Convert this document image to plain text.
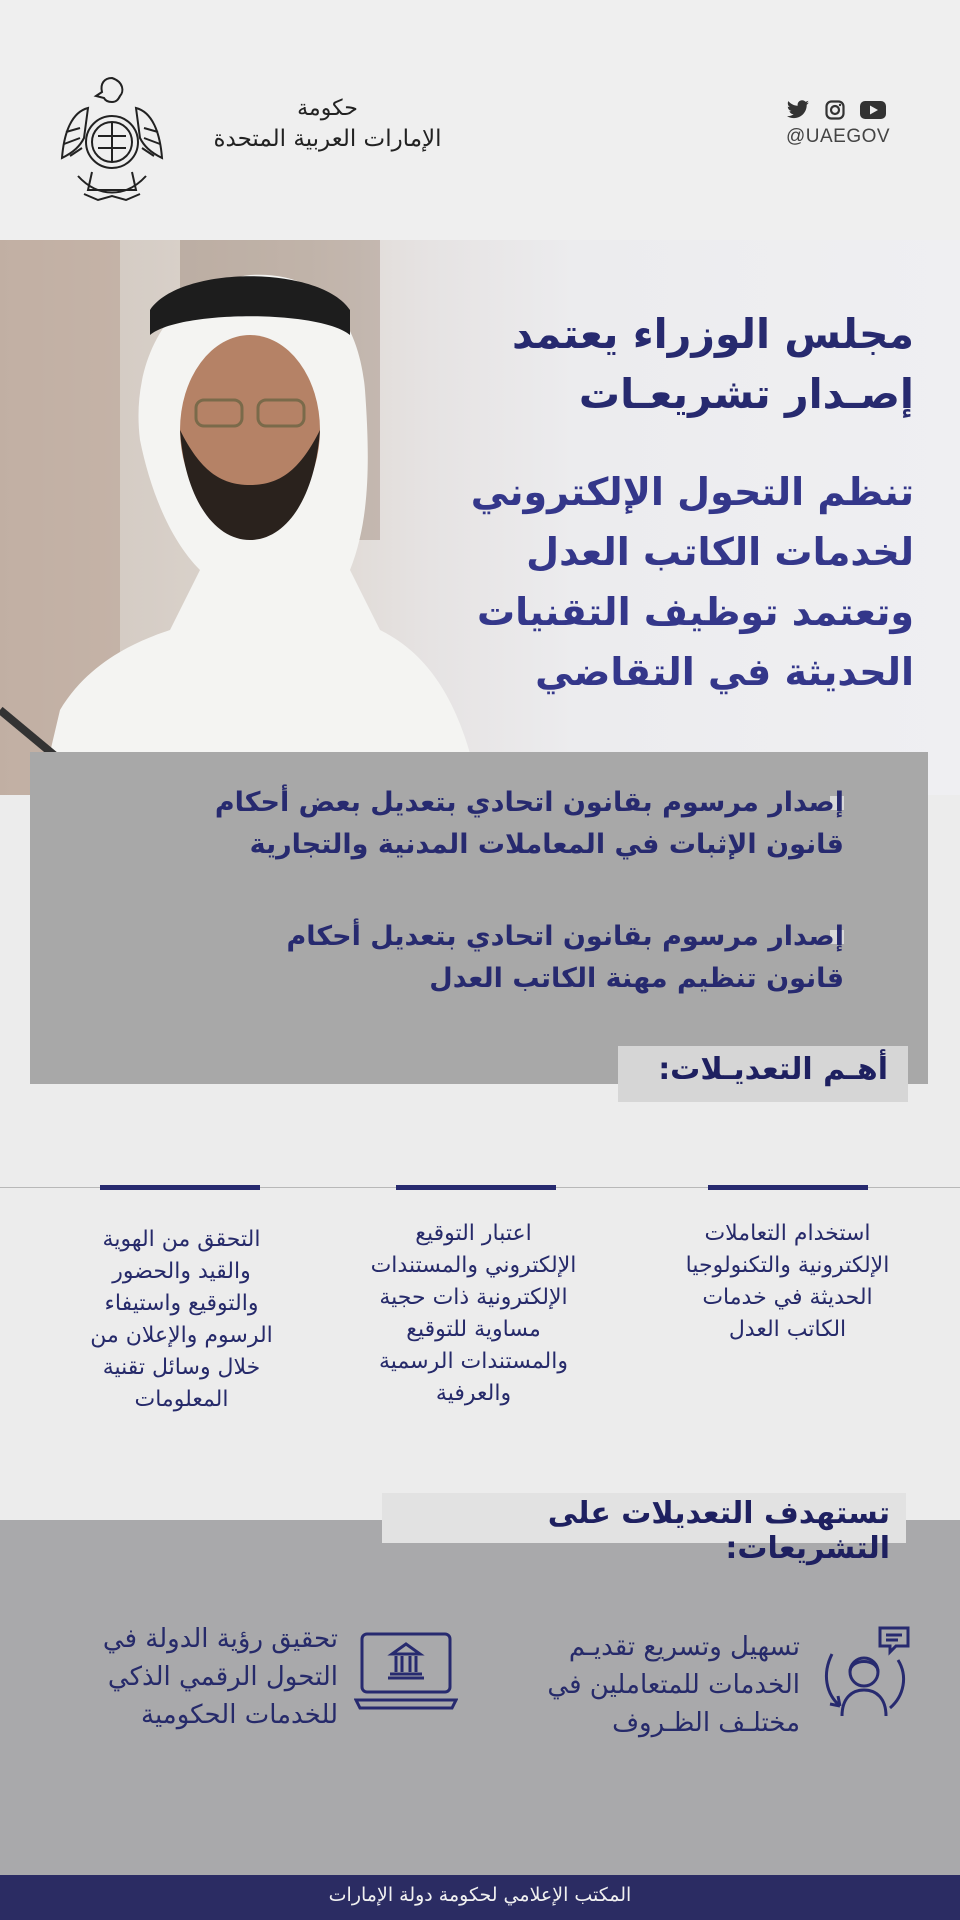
حكومة
الإمارات العربية المتحدة	@UAEGOV
مجلس الوزراء يعتمد
إصـدار تشريعـات
تنظم التحول الإلكتروني
لخدمات الكاتب العدل
وتعتمد توظيف التقنيات
الحديثة في التقاضي
إصدار مرسوم بقانون اتحادي بتعديل بعض أحكام
قانون الإثبات في المعاملات المدنية والتجارية
إصدار مرسوم بقانون اتحادي بتعديل أحكام
قانون تنظيم مهنة الكاتب العدل
أهـم التعديـلات:
استخدام التعاملات
الإلكترونية والتكنولوجيا
الحديثة في خدمات
الكاتب العدل
اعتبار التوقيع
الإلكتروني والمستندات
الإلكترونية ذات حجية
مساوية للتوقيع
والمستندات الرسمية
والعرفية
التحقق من الهوية
والقيد والحضور
والتوقيع واستيفاء
الرسوم والإعلان من
خلال وسائل تقنية
المعلومات
تستهدف التعديلات على التشريعات:
تسهيل وتسريع تقديـم
الخدمات للمتعاملين في
مختلـف الظـروف
تحقيق رؤية الدولة في
التحول الرقمي الذكي
للخدمات الحكومية
المكتب الإعلامي لحكومة دولة الإمارات
